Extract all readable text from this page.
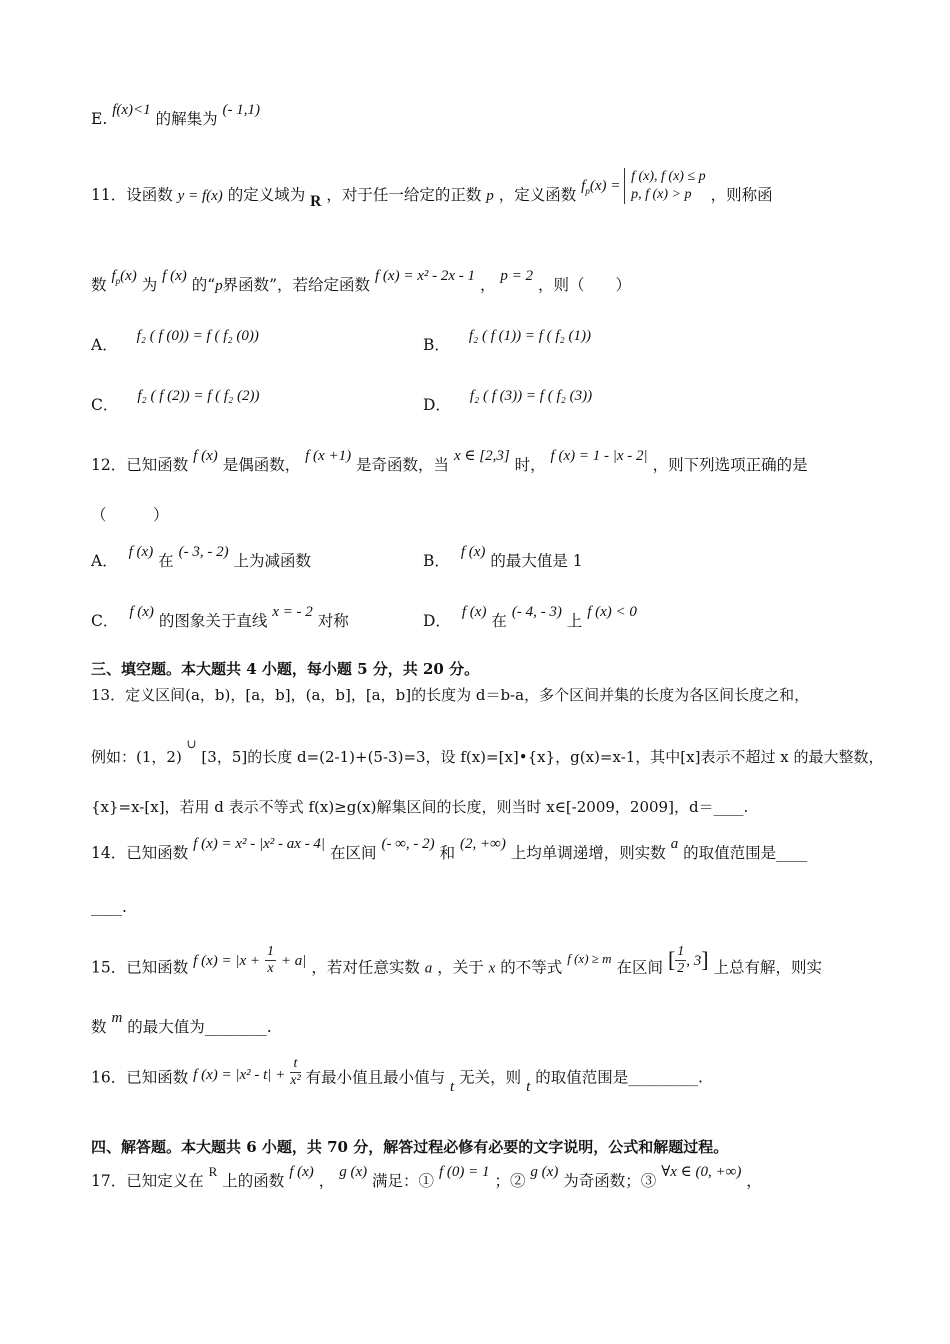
E. f(x)<1 的解集为 (- 1,1)
11．设函数 y = f(x) 的定义域为 R ，对于任一给定的正数 p ，定义函数 $f_p(x)$ =
f (x), f (x) ≤ p
p, f (x) > p	，则称函
数 $f_p(x)$ 为 f (x) 的“p界函数”，若给定函数 f (x) = x² - 2x - 1 ， p = 2 ，则（　　）
A． f₂ ( f (0)) = f ( f₂ (0))	B． f₂ ( f (1)) = f ( f₂ (1))
C． f₂ ( f (2)) = f ( f₂ (2))	D． f₂ ( f (3)) = f ( f₂ (3))
12．已知函数 f (x) 是偶函数， f (x +1) 是奇函数，当 x ∈ [2,3] 时， f (x) = 1 - |x - 2| ，则下列选项正确的是
（　　　）
A． f (x) 在 (- 3, - 2) 上为减函数	B． f (x) 的最大值是 1
C． f (x) 的图象关于直线 x = - 2 对称	D． f (x) 在 (- 4, - 3) 上 f (x) < 0
三、填空题。本大题共 4 小题，每小题 5 分，共 20 分。
13．定义区间(a，b)，[a，b]，(a，b]，[a，b]的长度为 d＝b-a，多个区间并集的长度为各区间长度之和，
例如：(1，2) ∪ [3，5]的长度 d=(2-1)+(5-3)=3，设 f(x)=[x]•{x}，g(x)=x-1，其中[x]表示不超过 x 的最大整数，
{x}=x-[x]，若用 d 表示不等式 f(x)≥g(x)解集区间的长度，则当时 x∈[-2009，2009]，d＝____.
14．已知函数 f (x) = x² - |x² - ax - 4| 在区间 (- ∞, - 2) 和 (2, +∞) 上均单调递增，则实数 a 的取值范围是____
____.
15．已知函数 f $(x) = |x + \frac{1}{x} + a|$ ，若对任意实数 a ，关于 x 的不等式 $^{f (x) \ge m}$ 在区间 [ $\frac{1}{2}$ , 3] 上总有解，则实
数 m 的最大值为________.
16．已知函数 f $(x) = |x^2 - t| + \frac{t}{\text{x²}}$ 有最小值且最小值与 t 无关，则 t 的取值范围是_________.
四、解答题。本大题共 6 小题，共 70 分，解答过程必修有必要的文字说明，公式和解题过程。
17．已知定义在 $^R$ 上的函数 f (x) ， g (x) 满足：① f (0) = 1 ；② g (x) 为奇函数；③ ∀x ∈ (0, +∞) ，
